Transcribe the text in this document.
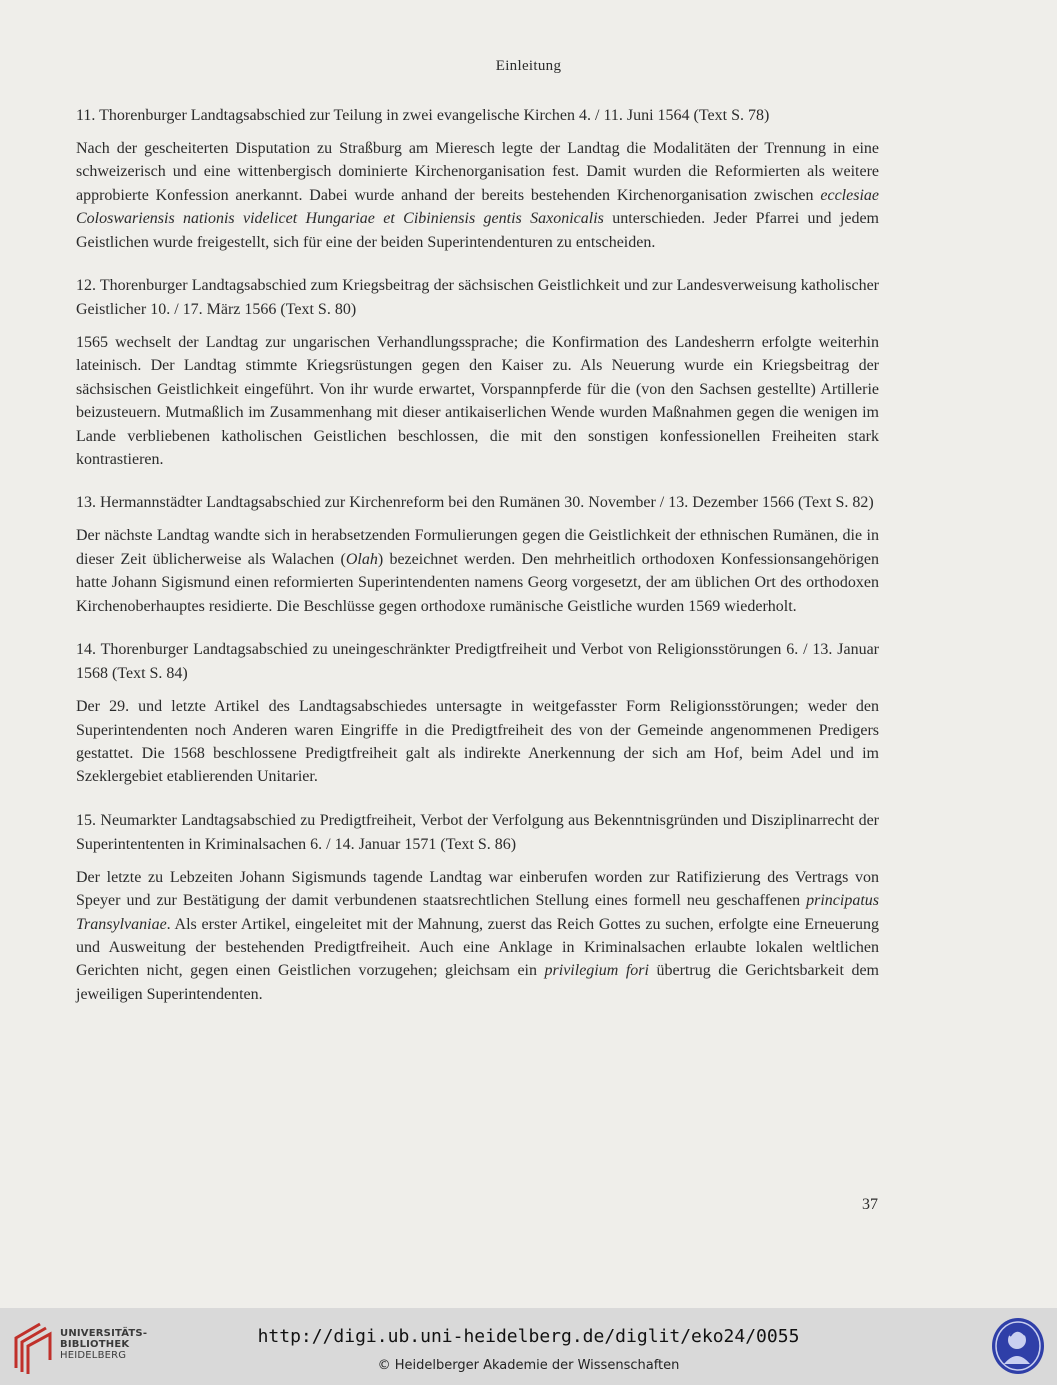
Einleitung

11. Thorenburger Landtagsabschied zur Teilung in zwei evangelische Kirchen 4. / 11. Juni 1564 (Text S. 78)

Nach der gescheiterten Disputation zu Straßburg am Mieresch legte der Landtag die Modalitäten der Trennung in eine schweizerisch und eine wittenbergisch dominierte Kirchenorganisation fest. Damit wurden die Reformierten als weitere approbierte Konfession anerkannt. Dabei wurde anhand der bereits bestehenden Kirchenorganisation zwischen ecclesiae Coloswariensis nationis videlicet Hungariae et Cibiniensis gentis Saxonicalis unterschieden. Jeder Pfarrei und jedem Geistlichen wurde freigestellt, sich für eine der beiden Superintendenturen zu entscheiden.

12. Thorenburger Landtagsabschied zum Kriegsbeitrag der sächsischen Geistlichkeit und zur Landesverweisung katholischer Geistlicher 10. / 17. März 1566 (Text S. 80)

1565 wechselt der Landtag zur ungarischen Verhandlungssprache; die Konfirmation des Landesherrn erfolgte weiterhin lateinisch. Der Landtag stimmte Kriegsrüstungen gegen den Kaiser zu. Als Neuerung wurde ein Kriegsbeitrag der sächsischen Geistlichkeit eingeführt. Von ihr wurde erwartet, Vorspannpferde für die (von den Sachsen gestellte) Artillerie beizusteuern. Mutmaßlich im Zusammenhang mit dieser antikaiserlichen Wende wurden Maßnahmen gegen die wenigen im Lande verbliebenen katholischen Geistlichen beschlossen, die mit den sonstigen konfessionellen Freiheiten stark kontrastieren.

13. Hermannstädter Landtagsabschied zur Kirchenreform bei den Rumänen 30. November / 13. Dezember 1566 (Text S. 82)

Der nächste Landtag wandte sich in herabsetzenden Formulierungen gegen die Geistlichkeit der ethnischen Rumänen, die in dieser Zeit üblicherweise als Walachen (Olah) bezeichnet werden. Den mehrheitlich orthodoxen Konfessionsangehörigen hatte Johann Sigismund einen reformierten Superintendenten namens Georg vorgesetzt, der am üblichen Ort des orthodoxen Kirchenoberhauptes residierte. Die Beschlüsse gegen orthodoxe rumänische Geistliche wurden 1569 wiederholt.

14. Thorenburger Landtagsabschied zu uneingeschränkter Predigtfreiheit und Verbot von Religionsstörungen 6. / 13. Januar 1568 (Text S. 84)

Der 29. und letzte Artikel des Landtagsabschiedes untersagte in weitgefasster Form Religionsstörungen; weder den Superintendenten noch Anderen waren Eingriffe in die Predigtfreiheit des von der Gemeinde angenommenen Predigers gestattet. Die 1568 beschlossene Predigtfreiheit galt als indirekte Anerkennung der sich am Hof, beim Adel und im Szeklergebiet etablierenden Unitarier.

15. Neumarkter Landtagsabschied zu Predigtfreiheit, Verbot der Verfolgung aus Bekenntnisgründen und Disziplinarrecht der Superintententen in Kriminalsachen 6. / 14. Januar 1571 (Text S. 86)

Der letzte zu Lebzeiten Johann Sigismunds tagende Landtag war einberufen worden zur Ratifizierung des Vertrags von Speyer und zur Bestätigung der damit verbundenen staatsrechtlichen Stellung eines formell neu geschaffenen principatus Transylvaniae. Als erster Artikel, eingeleitet mit der Mahnung, zuerst das Reich Gottes zu suchen, erfolgte eine Erneuerung und Ausweitung der bestehenden Predigtfreiheit. Auch eine Anklage in Kriminalsachen erlaubte lokalen weltlichen Gerichten nicht, gegen einen Geistlichen vorzugehen; gleichsam ein privilegium fori übertrug die Gerichtsbarkeit dem jeweiligen Superintendenten.

37
UNIVERSITÄTS-
BIBLIOTHEK
HEIDELBERG
http://digi.ub.uni-heidelberg.de/diglit/eko24/0055
© Heidelberger Akademie der Wissenschaften
